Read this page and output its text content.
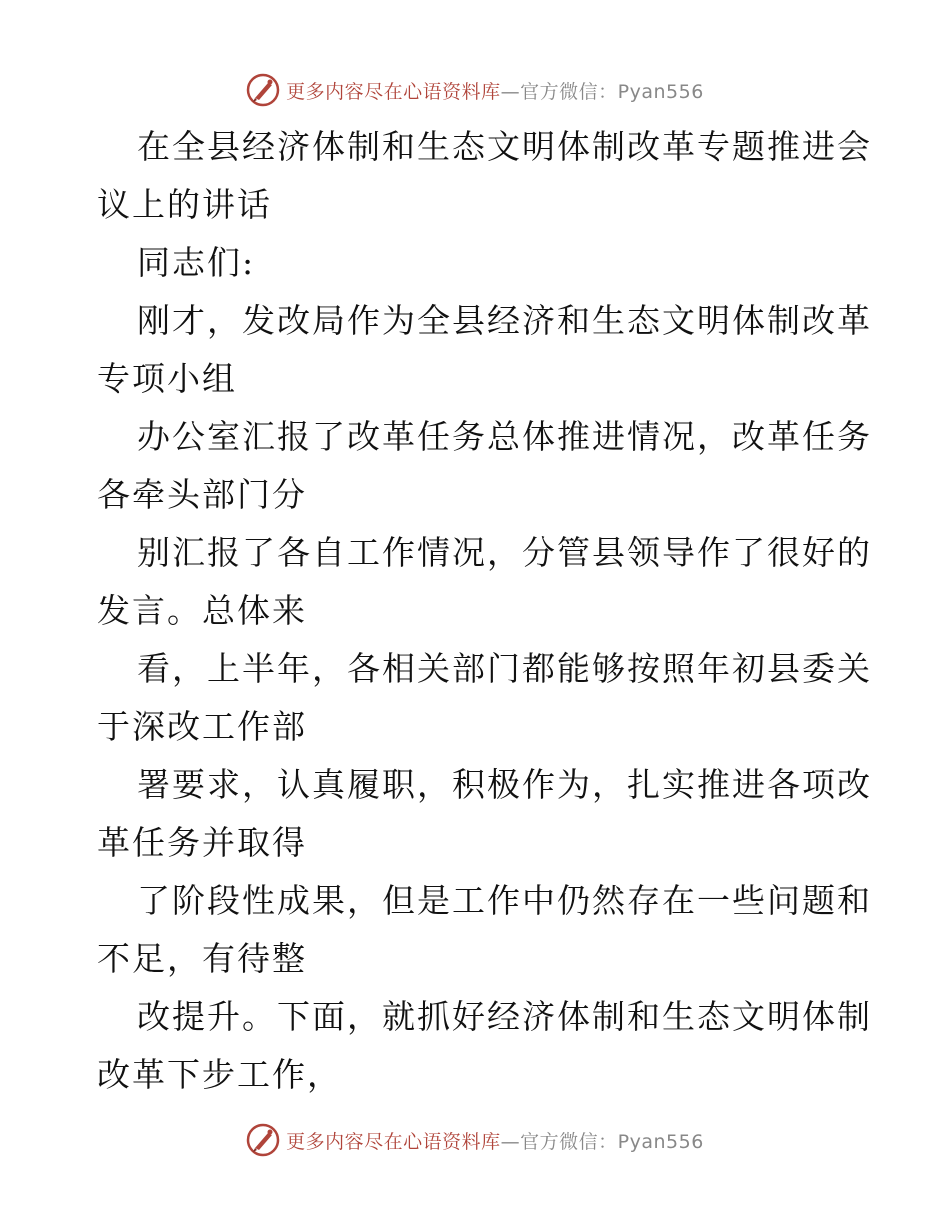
更多内容尽在心语资料库—官方微信：Pyan556
在全县经济体制和生态文明体制改革专题推进会
议上的讲话
同志们:
刚才，发改局作为全县经济和生态文明体制改革
专项小组
办公室汇报了改革任务总体推进情况，改革任务
各牵头部门分
别汇报了各自工作情况，分管县领导作了很好的
发言。总体来
看，上半年，各相关部门都能够按照年初县委关
于深改工作部
署要求，认真履职，积极作为，扎实推进各项改
革任务并取得
了阶段性成果，但是工作中仍然存在一些问题和
不足，有待整
改提升。下面，就抓好经济体制和生态文明体制
改革下步工作，
更多内容尽在心语资料库—官方微信：Pyan556
